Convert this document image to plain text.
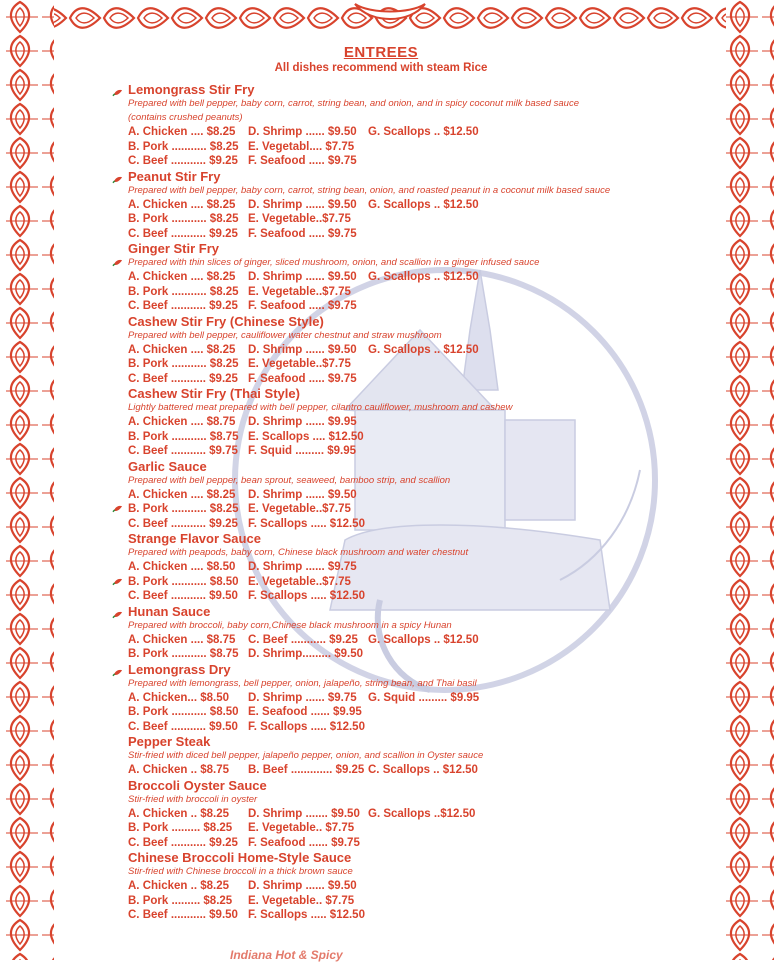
ENTREES
All dishes recommend with steam Rice
Lemongrass Stir Fry
Prepared with bell pepper, baby corn, carrot, string bean, and onion, and in spicy coconut milk based sauce
(contains crushed peanuts)
A. Chicken .... $8.25 D. Shrimp ...... $9.50 G. Scallops .. $12.50
B. Pork ........... $8.25 E. Vegetabl.... $7.75
C. Beef ........... $9.25 F. Seafood ..... $9.75
Peanut Stir Fry
Prepared with bell pepper, baby corn, carrot, string bean, onion, and roasted peanut in a coconut milk based sauce
A. Chicken .... $8.25 D. Shrimp ...... $9.50 G. Scallops .. $12.50
B. Pork ........... $8.25 E. Vegetable..$7.75
C. Beef ........... $9.25 F. Seafood ..... $9.75
Ginger Stir Fry
Prepared with thin slices of ginger, sliced mushroom, onion, and scallion in a ginger infused sauce
A. Chicken .... $8.25 D. Shrimp ...... $9.50 G. Scallops .. $12.50
B. Pork ........... $8.25 E. Vegetable..$7.75
C. Beef ........... $9.25 F. Seafood ..... $9.75
Cashew Stir Fry (Chinese Style)
Prepared with bell pepper, cauliflower water chestnut and straw mushroom
A. Chicken .... $8.25 D. Shrimp ...... $9.50 G. Scallops .. $12.50
B. Pork ........... $8.25 E. Vegetable..$7.75
C. Beef ........... $9.25 F. Seafood ..... $9.75
Cashew Stir Fry (Thai Style)
Lightly battered meat prepared with bell pepper, cilantro cauliflower, mushroom and cashew
A. Chicken .... $8.75 D. Shrimp ...... $9.95
B. Pork ........... $8.75 E. Scallops .... $12.50
C. Beef ........... $9.75 F. Squid ......... $9.95
Garlic Sauce
Prepared with bell pepper, bean sprout, seaweed, bamboo strip, and scallion
A. Chicken .... $8.25 D. Shrimp ...... $9.50
B. Pork ........... $8.25 E. Vegetable..$7.75
C. Beef ........... $9.25 F. Scallops ..... $12.50
Strange Flavor Sauce
Prepared with peapods, baby corn, Chinese black mushroom and water chestnut
A. Chicken .... $8.50 D. Shrimp ...... $9.75
B. Pork ........... $8.50 E. Vegetable..$7.75
C. Beef ........... $9.50 F. Scallops ..... $12.50
Hunan Sauce
Prepared with broccoli, baby corn,Chinese black mushroom in a spicy Hunan
A. Chicken .... $8.75 C. Beef ........... $9.25 G. Scallops .. $12.50
B. Pork ........... $8.75 D. Shrimp......... $9.50
Lemongrass Dry
Prepared with lemongrass, bell pepper, onion, jalapeño, string bean, and Thai basil
A. Chicken... $8.50 D. Shrimp ...... $9.75 G. Squid ......... $9.95
B. Pork ........... $8.50 E. Seafood ...... $9.95
C. Beef ........... $9.50 F. Scallops ..... $12.50
Pepper Steak
Stir-fried with diced bell pepper, jalapeño pepper, onion, and scallion in Oyster sauce
A. Chicken .. $8.75 B. Beef ............. $9.25 C. Scallops .. $12.50
Broccoli Oyster Sauce
Stir-fried with broccoli in oyster
A. Chicken .. $8.25 D. Shrimp ....... $9.50 G. Scallops ..$12.50
B. Pork ......... $8.25 E. Vegetable.. $7.75
C. Beef ........... $9.25 F. Seafood ...... $9.75
Chinese Broccoli Home-Style Sauce
Stir-fried with Chinese broccoli in a thick brown sauce
A. Chicken .. $8.25 D. Shrimp ...... $9.50
B. Pork ......... $8.25 E. Vegetable.. $7.75
C. Beef ........... $9.50 F. Scallops ..... $12.50
Indiana Hot & Spicy
